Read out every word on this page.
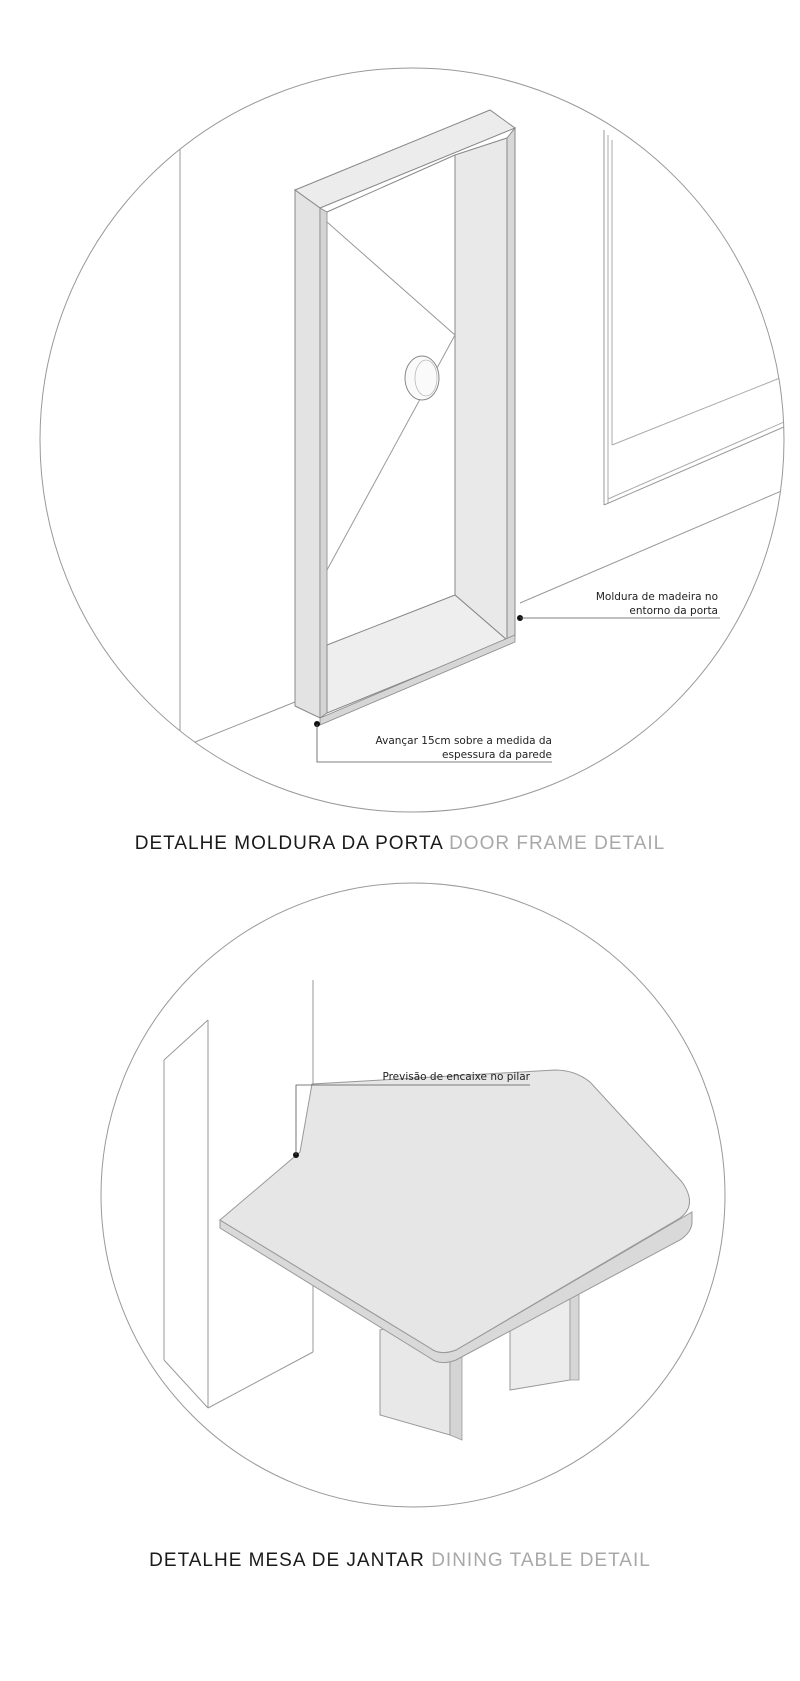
Moldura de madeira no
entorno da porta
Avançar 15cm sobre a medida da
espessura da parede
DETALHE MOLDURA DA PORTA DOOR FRAME DETAIL
Previsão de encaixe no pilar
DETALHE MESA DE JANTAR DINING TABLE DETAIL
